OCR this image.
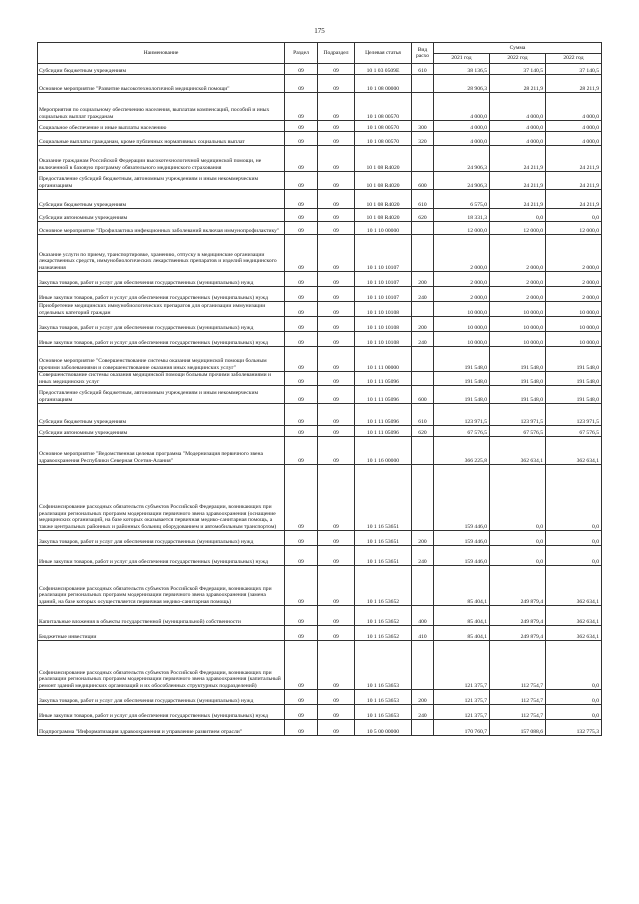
175
Наименование	Раздел	Подраздел	Целевая статья	Вид расхо	Сумма		
					2021 год	2022 год	2022 год
Субсидии бюджетным учреждениям	09	09	10 1 03 0509E	610	38 136,5	37 140,5	37 140,5
Основное мероприятие "Развитие высокотехнологичной медицинской помощи"	09	09	10 1 08 00000		28 906,3	28 211,9	28 211,9
Мероприятия по социальному обеспечению населения, выплатам компенсаций, пособий и иных социальных выплат гражданам	09	09	10 1 08 00570		4 000,0	4 000,0	4 000,0
Социальное обеспечение и иные выплаты населению	09	09	10 1 08 00570	300	4 000,0	4 000,0	4 000,0
Социальные выплаты гражданам, кроме публичных нормативных социальных выплат	09	09	10 1 08 00570	320	4 000,0	4 000,0	4 000,0
Оказание гражданам Российской Федерации высокотехнологичной медицинской помощи, не включенной в базовую программу обязательного медицинского страхования	09	09	10 1 08 R4020		24 906,3	24 211,9	24 211,9
Предоставление субсидий бюджетным, автономным учреждениям и иным некоммерческим организациям	09	09	10 1 08 R4020	600	24 906,3	24 211,9	24 211,9
Субсидии бюджетным учреждениям	09	09	10 1 08 R4020	610	6 575,0	24 211,9	24 211,9
Субсидии автономным учреждениям	09	09	10 1 08 R4020	620	18 331,3	0,0	0,0
Основное мероприятие "Профилактика инфекционных заболеваний включая иммунопрофилактику"	09	09	10 1 10 00000		12 000,0	12 000,0	12 000,0
Оказание услуги по приему, транспортировке, хранению, отпуску в медицинские организации лекарственных средств, иммунобиологических лекарственных препаратов и изделий медицинского назначения	09	09	10 1 10 10107		2 000,0	2 000,0	2 000,0
Закупка товаров, работ и услуг для обеспечения государственных (муниципальных) нужд	09	09	10 1 10 10107	200	2 000,0	2 000,0	2 000,0
Иные закупки товаров, работ и услуг для обеспечения государственных (муниципальных) нужд	09	09	10 1 10 10107	240	2 000,0	2 000,0	2 000,0
Приобретение медицинских иммунобиологических препаратов для организации иммунизации отдельных категорий граждан	09	09	10 1 10 10108		10 000,0	10 000,0	10 000,0
Закупка товаров, работ и услуг для обеспечения государственных (муниципальных) нужд	09	09	10 1 10 10108	200	10 000,0	10 000,0	10 000,0
Иные закупки товаров, работ и услуг для обеспечения государственных (муниципальных) нужд	09	09	10 1 10 10108	240	10 000,0	10 000,0	10 000,0
Основное мероприятие "Совершенствование системы оказания медицинской помощи больным прочими заболеваниями и совершенствование оказания иных медицинских услуг"	09	09	10 1 11 00000		191 548,0	191 548,0	191 548,0
Совершенствование системы оказания медицинской помощи больным прочими заболеваниями и иных медицинских услуг	09	09	10 1 11 05096		191 548,0	191 548,0	191 548,0
Предоставление субсидий бюджетным, автономным учреждениям и иным некоммерческим организациям	09	09	10 1 11 05096	600	191 548,0	191 548,0	191 548,0
Субсидии бюджетным учреждениям	09	09	10 1 11 05096	610	123 971,5	123 971,5	123 971,5
Субсидии автономным учреждениям	09	09	10 1 11 05096	620	67 576,5	67 576,5	67 576,5
Основное мероприятие "Ведомственная целевая программа "Модернизация первичного звена здравоохранения Республики Северная Осетия-Алания"	09	09	10 1 16 00000		366 225,8	362 634,1	362 634,1
Софинансирование расходных обязательств субъектов Российской Федерации, возникающих при реализации региональных программ модернизации первичного звена здравоохранения (оснащение медицинских организаций, на базе которых оказывается первичная медико-санитарная помощь, а также центральных районных и районных больниц оборудованием и автомобильным транспортом)	09	09	10 1 16 53651		159 446,0	0,0	0,0
Закупка товаров, работ и услуг для обеспечения государственных (муниципальных) нужд	09	09	10 1 16 53651	200	159 446,0	0,0	0,0
Иные закупки товаров, работ и услуг для обеспечения государственных (муниципальных) нужд	09	09	10 1 16 53651	240	159 446,0	0,0	0,0
Софинансирование расходных обязательств субъектов Российской Федерации, возникающих при реализации региональных программ модернизации первичного звена здравоохранения (замена зданий, на базе которых осуществляется первичная медико-санитарная помощь)	09	09	10 1 16 53652		85 404,1	249 879,4	362 634,1
Капитальные вложения в объекты государственной (муниципальной) собственности	09	09	10 1 16 53652	400	85 404,1	249 879,4	362 634,1
Бюджетные инвестиции	09	09	10 1 16 53652	410	85 404,1	249 879,4	362 634,1
Софинансирование расходных обязательств субъектов Российской Федерации, возникающих при реализации региональных программ модернизации первичного звена здравоохранения (капитальный ремонт зданий медицинских организаций и их обособленных структурных подразделений)	09	09	10 1 16 53653		121 375,7	112 754,7	0,0
Закупка товаров, работ и услуг для обеспечения государственных (муниципальных) нужд	09	09	10 1 16 53653	200	121 375,7	112 754,7	0,0
Иные закупки товаров, работ и услуг для обеспечения государственных (муниципальных) нужд	09	09	10 1 16 53653	240	121 375,7	112 754,7	0,0
Подпрограмма "Информатизация здравоохранения и управление развитием отрасли"	09	09	10 5 00 00000		170 760,7	157 088,6	132 775,3
